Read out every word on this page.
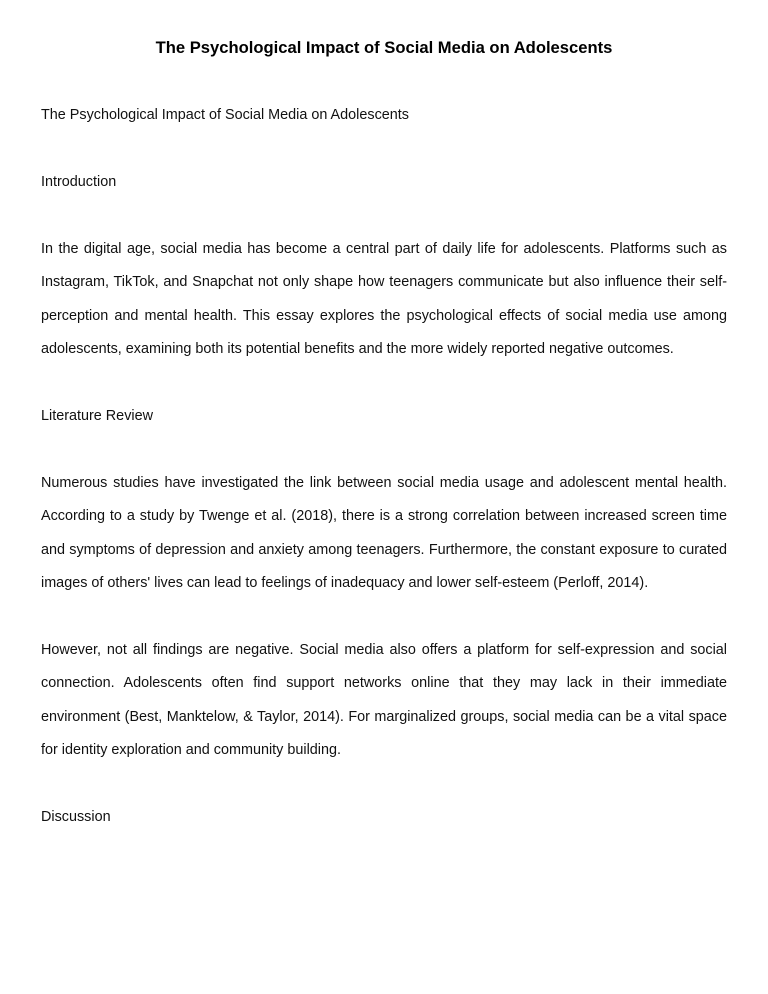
The Psychological Impact of Social Media on Adolescents
The Psychological Impact of Social Media on Adolescents
Introduction
In the digital age, social media has become a central part of daily life for adolescents. Platforms such as Instagram, TikTok, and Snapchat not only shape how teenagers communicate but also influence their self-perception and mental health. This essay explores the psychological effects of social media use among adolescents, examining both its potential benefits and the more widely reported negative outcomes.
Literature Review
Numerous studies have investigated the link between social media usage and adolescent mental health. According to a study by Twenge et al. (2018), there is a strong correlation between increased screen time and symptoms of depression and anxiety among teenagers. Furthermore, the constant exposure to curated images of others' lives can lead to feelings of inadequacy and lower self-esteem (Perloff, 2014).
However, not all findings are negative. Social media also offers a platform for self-expression and social connection. Adolescents often find support networks online that they may lack in their immediate environment (Best, Manktelow, & Taylor, 2014). For marginalized groups, social media can be a vital space for identity exploration and community building.
Discussion
